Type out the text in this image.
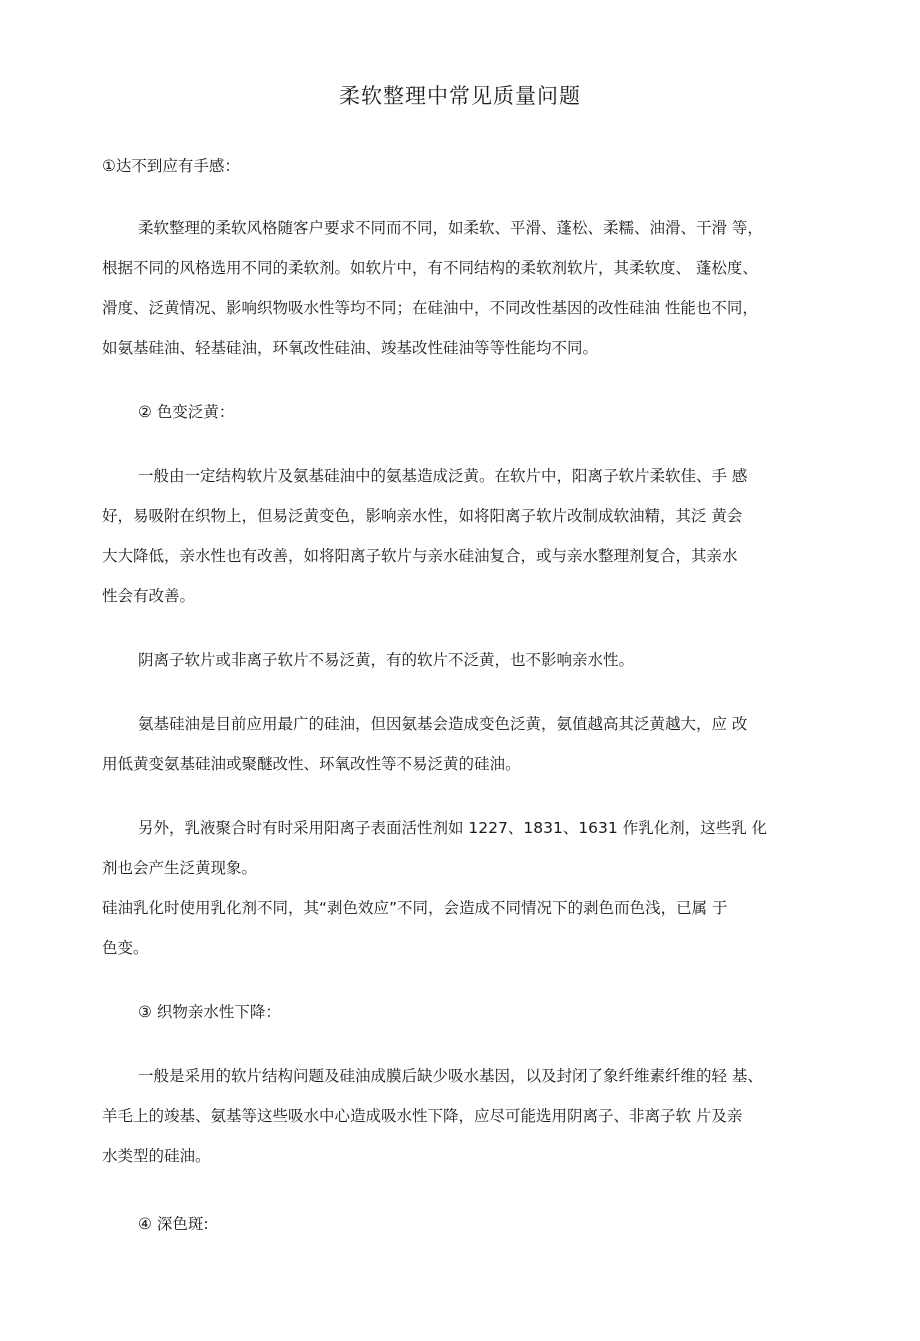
柔软整理中常见质量问题
①达不到应有手感：
柔软整理的柔软风格随客户要求不同而不同，如柔软、平滑、蓬松、柔糯、油滑、干滑 等，
根据不同的风格选用不同的柔软剂。如软片中，有不同结构的柔软剂软片，其柔软度、 蓬松度、
滑度、泛黄情况、影响织物吸水性等均不同；在硅油中，不同改性基因的改性硅油 性能也不同，
如氨基硅油、轻基硅油，环氧改性硅油、竣基改性硅油等等性能均不同。
② 色变泛黄：
一般由一定结构软片及氨基硅油中的氨基造成泛黄。在软片中，阳离子软片柔软佳、手 感
好，易吸附在织物上，但易泛黄变色，影响亲水性，如将阳离子软片改制成软油精，其泛 黄会
大大降低，亲水性也有改善，如将阳离子软片与亲水硅油复合，或与亲水整理剂复合，其亲水
性会有改善。
阴离子软片或非离子软片不易泛黄，有的软片不泛黄，也不影响亲水性。
氨基硅油是目前应用最广的硅油，但因氨基会造成变色泛黄，氨值越高其泛黄越大，应 改
用低黄变氨基硅油或聚醚改性、环氧改性等不易泛黄的硅油。
另外，乳液聚合时有时采用阳离子表面活性剂如 1227、1831、1631 作乳化剂，这些乳 化
剂也会产生泛黄现象。
硅油乳化时使用乳化剂不同，其“剥色效应”不同，会造成不同情况下的剥色而色浅，已属 于
色变。
③ 织物亲水性下降：
一般是采用的软片结构问题及硅油成膜后缺少吸水基因，以及封闭了象纤维素纤维的轻 基、
羊毛上的竣基、氨基等这些吸水中心造成吸水性下降，应尽可能选用阴离子、非离子软 片及亲
水类型的硅油。
④ 深色斑:
